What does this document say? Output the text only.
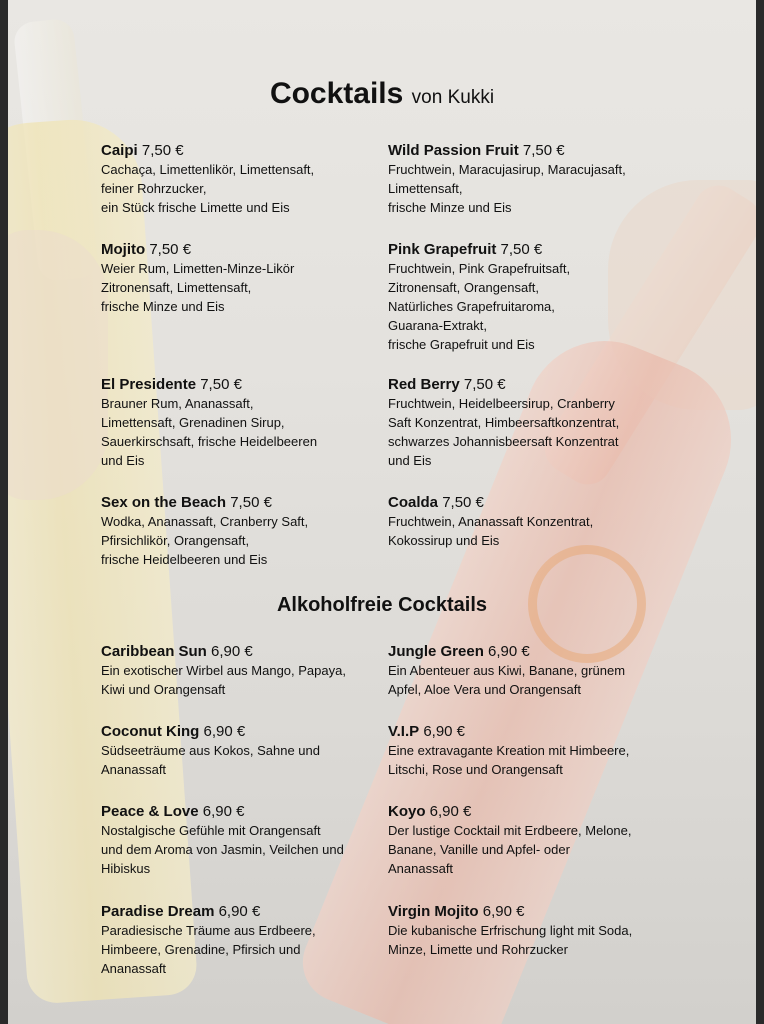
Cocktails von Kukki
Caipi 7,50 €
Cachaça, Limettenlikör, Limettensaft,
feiner Rohrzucker,
ein Stück frische Limette und Eis
Wild Passion Fruit 7,50 €
Fruchtwein, Maracujasirup, Maracujasaft,
Limettensaft,
frische Minze und Eis
Mojito 7,50 €
Weier Rum, Limetten-Minze-Likör
Zitronensaft, Limettensaft,
frische Minze und Eis
Pink Grapefruit 7,50 €
Fruchtwein, Pink Grapefruitsaft,
Zitronensaft, Orangensaft,
Natürliches Grapefruitaroma,
Guarana-Extrakt,
frische Grapefruit und Eis
El Presidente 7,50 €
Brauner Rum, Ananassaft,
Limettensaft, Grenadinen Sirup,
Sauerkirschsaft, frische Heidelbeeren
und Eis
Red Berry 7,50 €
Fruchtwein, Heidelbeersirup, Cranberry
Saft Konzentrat, Himbeersaftkonzentrat,
schwarzes Johannisbeersaft Konzentrat
und Eis
Sex on the Beach 7,50 €
Wodka, Ananassaft, Cranberry Saft,
Pfirsichlikör, Orangensaft,
frische Heidelbeeren und Eis
Coalda 7,50 €
Fruchtwein, Ananassaft Konzentrat,
Kokossirup und Eis
Alkoholfreie Cocktails
Caribbean Sun 6,90 €
Ein exotischer Wirbel aus Mango, Papaya,
Kiwi und Orangensaft
Jungle Green 6,90 €
Ein Abenteuer aus Kiwi, Banane, grünem
Apfel, Aloe Vera und Orangensaft
Coconut King 6,90 €
Südseeträume aus Kokos, Sahne und
Ananassaft
V.I.P 6,90 €
Eine extravagante Kreation mit Himbeere,
Litschi, Rose und Orangensaft
Peace & Love 6,90 €
Nostalgische Gefühle mit Orangensaft
und dem Aroma von Jasmin, Veilchen und
Hibiskus
Koyo 6,90 €
Der lustige Cocktail mit Erdbeere, Melone,
Banane, Vanille und Apfel- oder
Ananassaft
Paradise Dream 6,90 €
Paradiesische Träume aus Erdbeere,
Himbeere, Grenadine, Pfirsich und
Ananassaft
Virgin Mojito 6,90 €
Die kubanische Erfrischung light mit Soda,
Minze, Limette und Rohrzucker
